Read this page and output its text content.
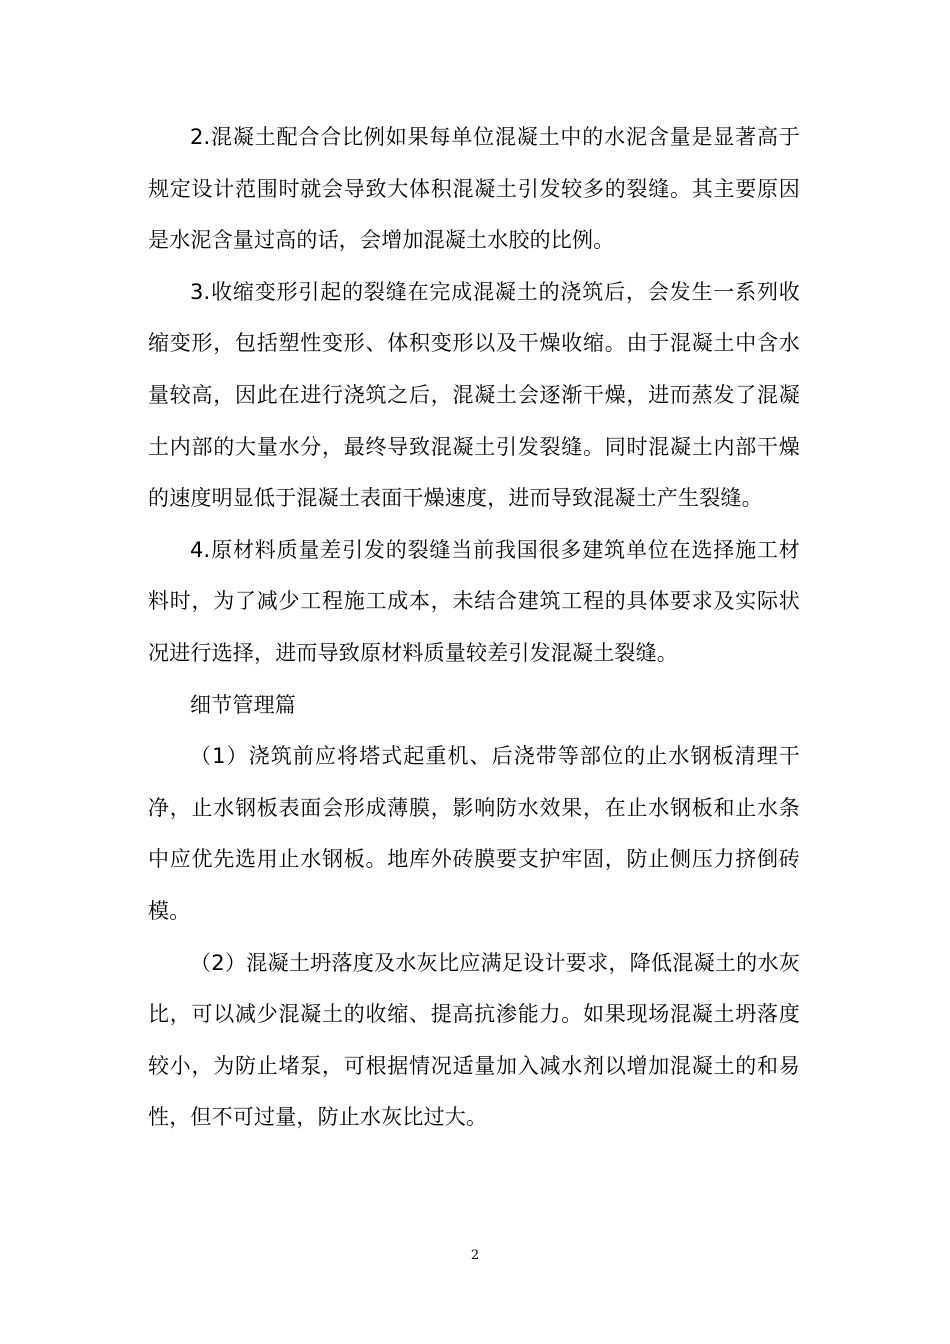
2.混凝土配合合比例如果每单位混凝土中的水泥含量是显著高于规定设计范围时就会导致大体积混凝土引发较多的裂缝。其主要原因是水泥含量过高的话，会增加混凝土水胶的比例。

3.收缩变形引起的裂缝在完成混凝土的浇筑后，会发生一系列收缩变形，包括塑性变形、体积变形以及干燥收缩。由于混凝土中含水量较高，因此在进行浇筑之后，混凝土会逐渐干燥，进而蒸发了混凝土内部的大量水分，最终导致混凝土引发裂缝。同时混凝土内部干燥的速度明显低于混凝土表面干燥速度，进而导致混凝土产生裂缝。

4.原材料质量差引发的裂缝当前我国很多建筑单位在选择施工材料时，为了减少工程施工成本，未结合建筑工程的具体要求及实际状况进行选择，进而导致原材料质量较差引发混凝土裂缝。

细节管理篇

（1）浇筑前应将塔式起重机、后浇带等部位的止水钢板清理干净，止水钢板表面会形成薄膜，影响防水效果，在止水钢板和止水条中应优先选用止水钢板。地库外砖膜要支护牢固，防止侧压力挤倒砖模。

（2）混凝土坍落度及水灰比应满足设计要求，降低混凝土的水灰比，可以减少混凝土的收缩、提高抗渗能力。如果现场混凝土坍落度较小，为防止堵泵，可根据情况适量加入减水剂以增加混凝土的和易性，但不可过量，防止水灰比过大。

2
